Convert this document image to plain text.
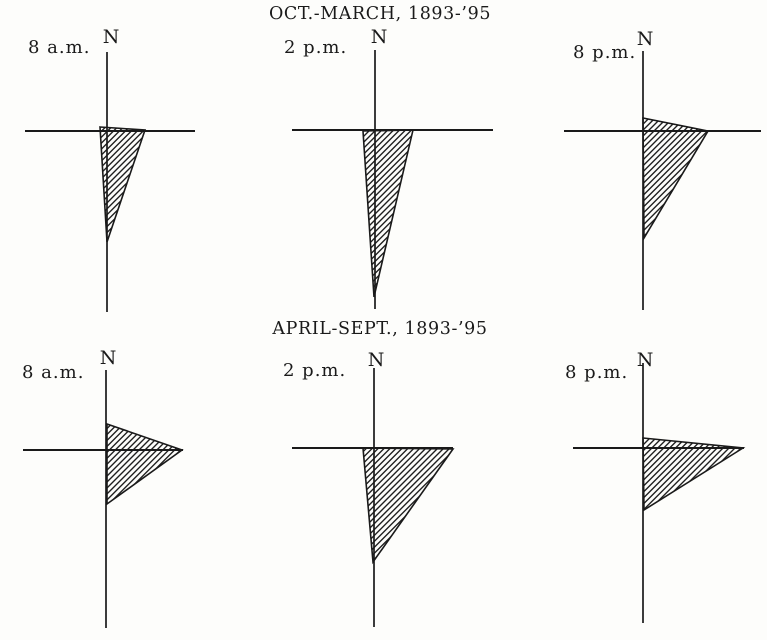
OCT.-MARCH, 1893-’95
APRIL-SEPT., 1893-’95
8 a.m. N	2 p.m. N
8 p.m.
N
8 a.m.
N
2 p.m. N
8 p.m.
N
